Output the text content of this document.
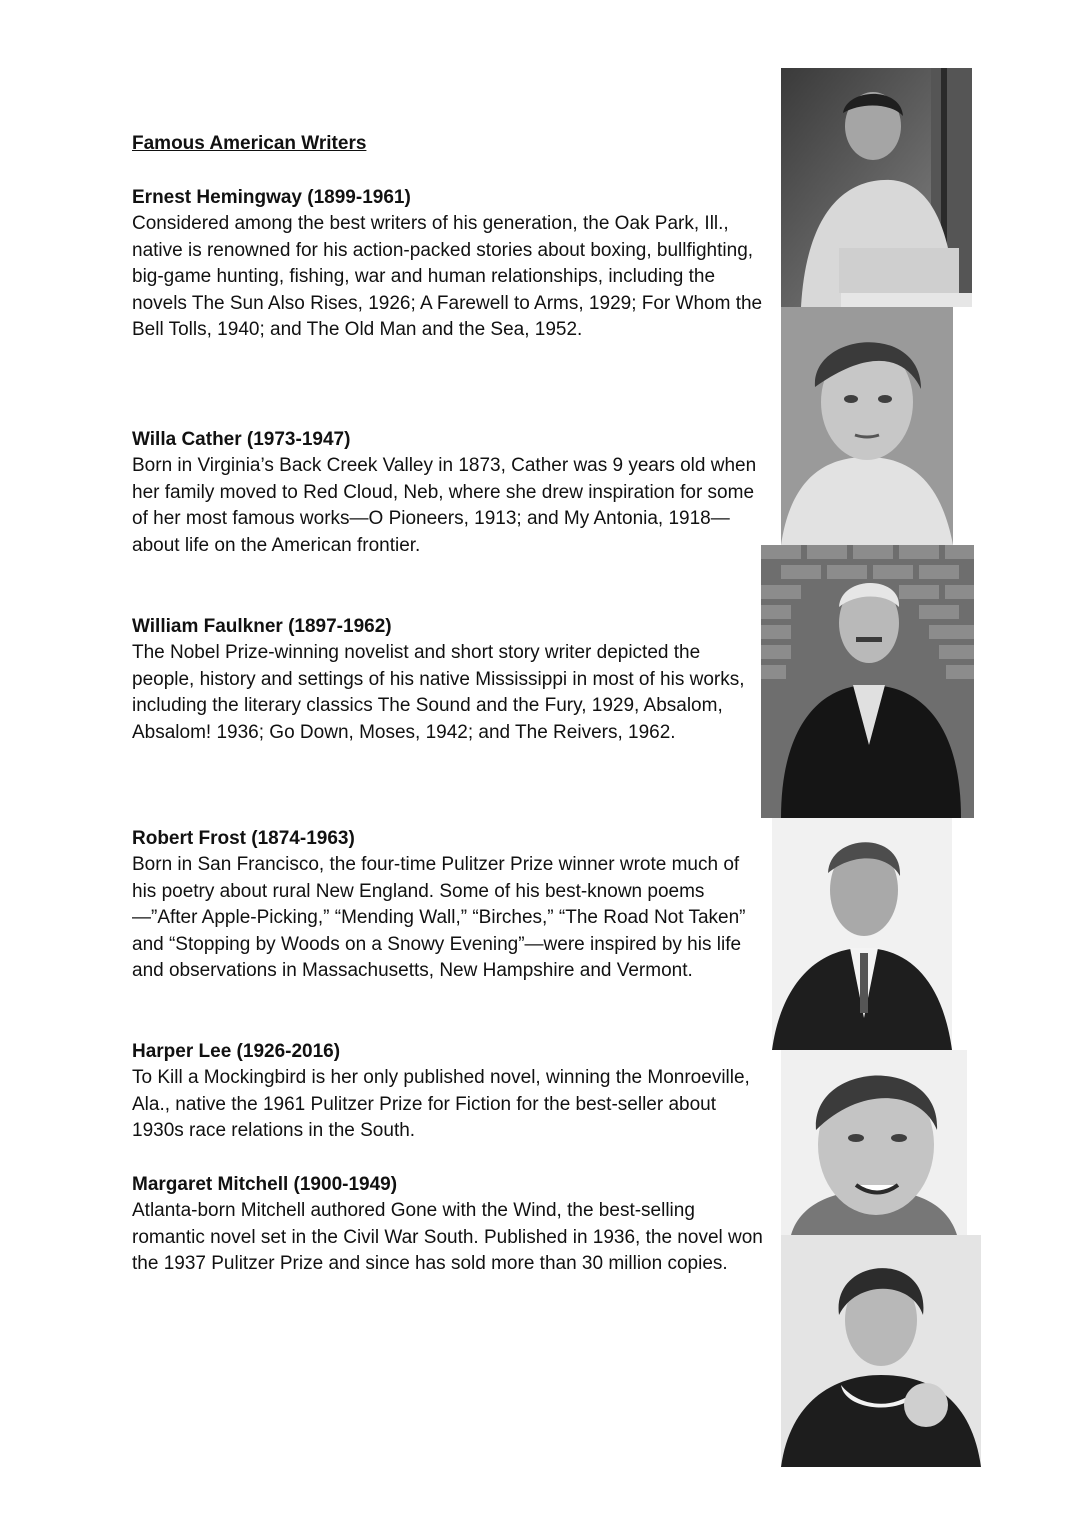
Famous American Writers

Ernest Hemingway (1899-1961)

Considered among the best writers of his generation, the Oak Park, Ill., native is renowned for his action-packed stories about boxing, bullfighting, big-game hunting, fishing, war and human relationships, including the novels The Sun Also Rises, 1926; A Farewell to Arms, 1929; For Whom the Bell Tolls, 1940; and The Old Man and the Sea, 1952.

Willa Cather (1973-1947)

Born in Virginia’s Back Creek Valley in 1873, Cather was 9 years old when her family moved to Red Cloud, Neb, where she drew inspiration for some of her most famous works—O Pioneers, 1913; and My Antonia, 1918—about life on the American frontier.

William Faulkner (1897-1962)

The Nobel Prize-winning novelist and short story writer depicted the people, history and settings of his native Mississippi in most of his works, including the literary classics The Sound and the Fury, 1929, Absalom, Absalom! 1936; Go Down, Moses, 1942; and The Reivers, 1962.

Robert Frost (1874-1963)

Born in San Francisco, the four-time Pulitzer Prize winner wrote much of his poetry about rural New England. Some of his best-known poems—”After Apple-Picking,” “Mending Wall,” “Birches,” “The Road Not Taken” and “Stopping by Woods on a Snowy Evening”—were inspired by his life and observations in Massachusetts, New Hampshire and Vermont.

Harper Lee (1926-2016)

To Kill a Mockingbird is her only published novel, winning the Monroeville, Ala., native the 1961 Pulitzer Prize for Fiction for the best-seller about 1930s race relations in the South.

Margaret Mitchell (1900-1949)

Atlanta-born Mitchell authored Gone with the Wind, the best-selling romantic novel set in the Civil War South. Published in 1936, the novel won the 1937 Pulitzer Prize and since has sold more than 30 million copies.
